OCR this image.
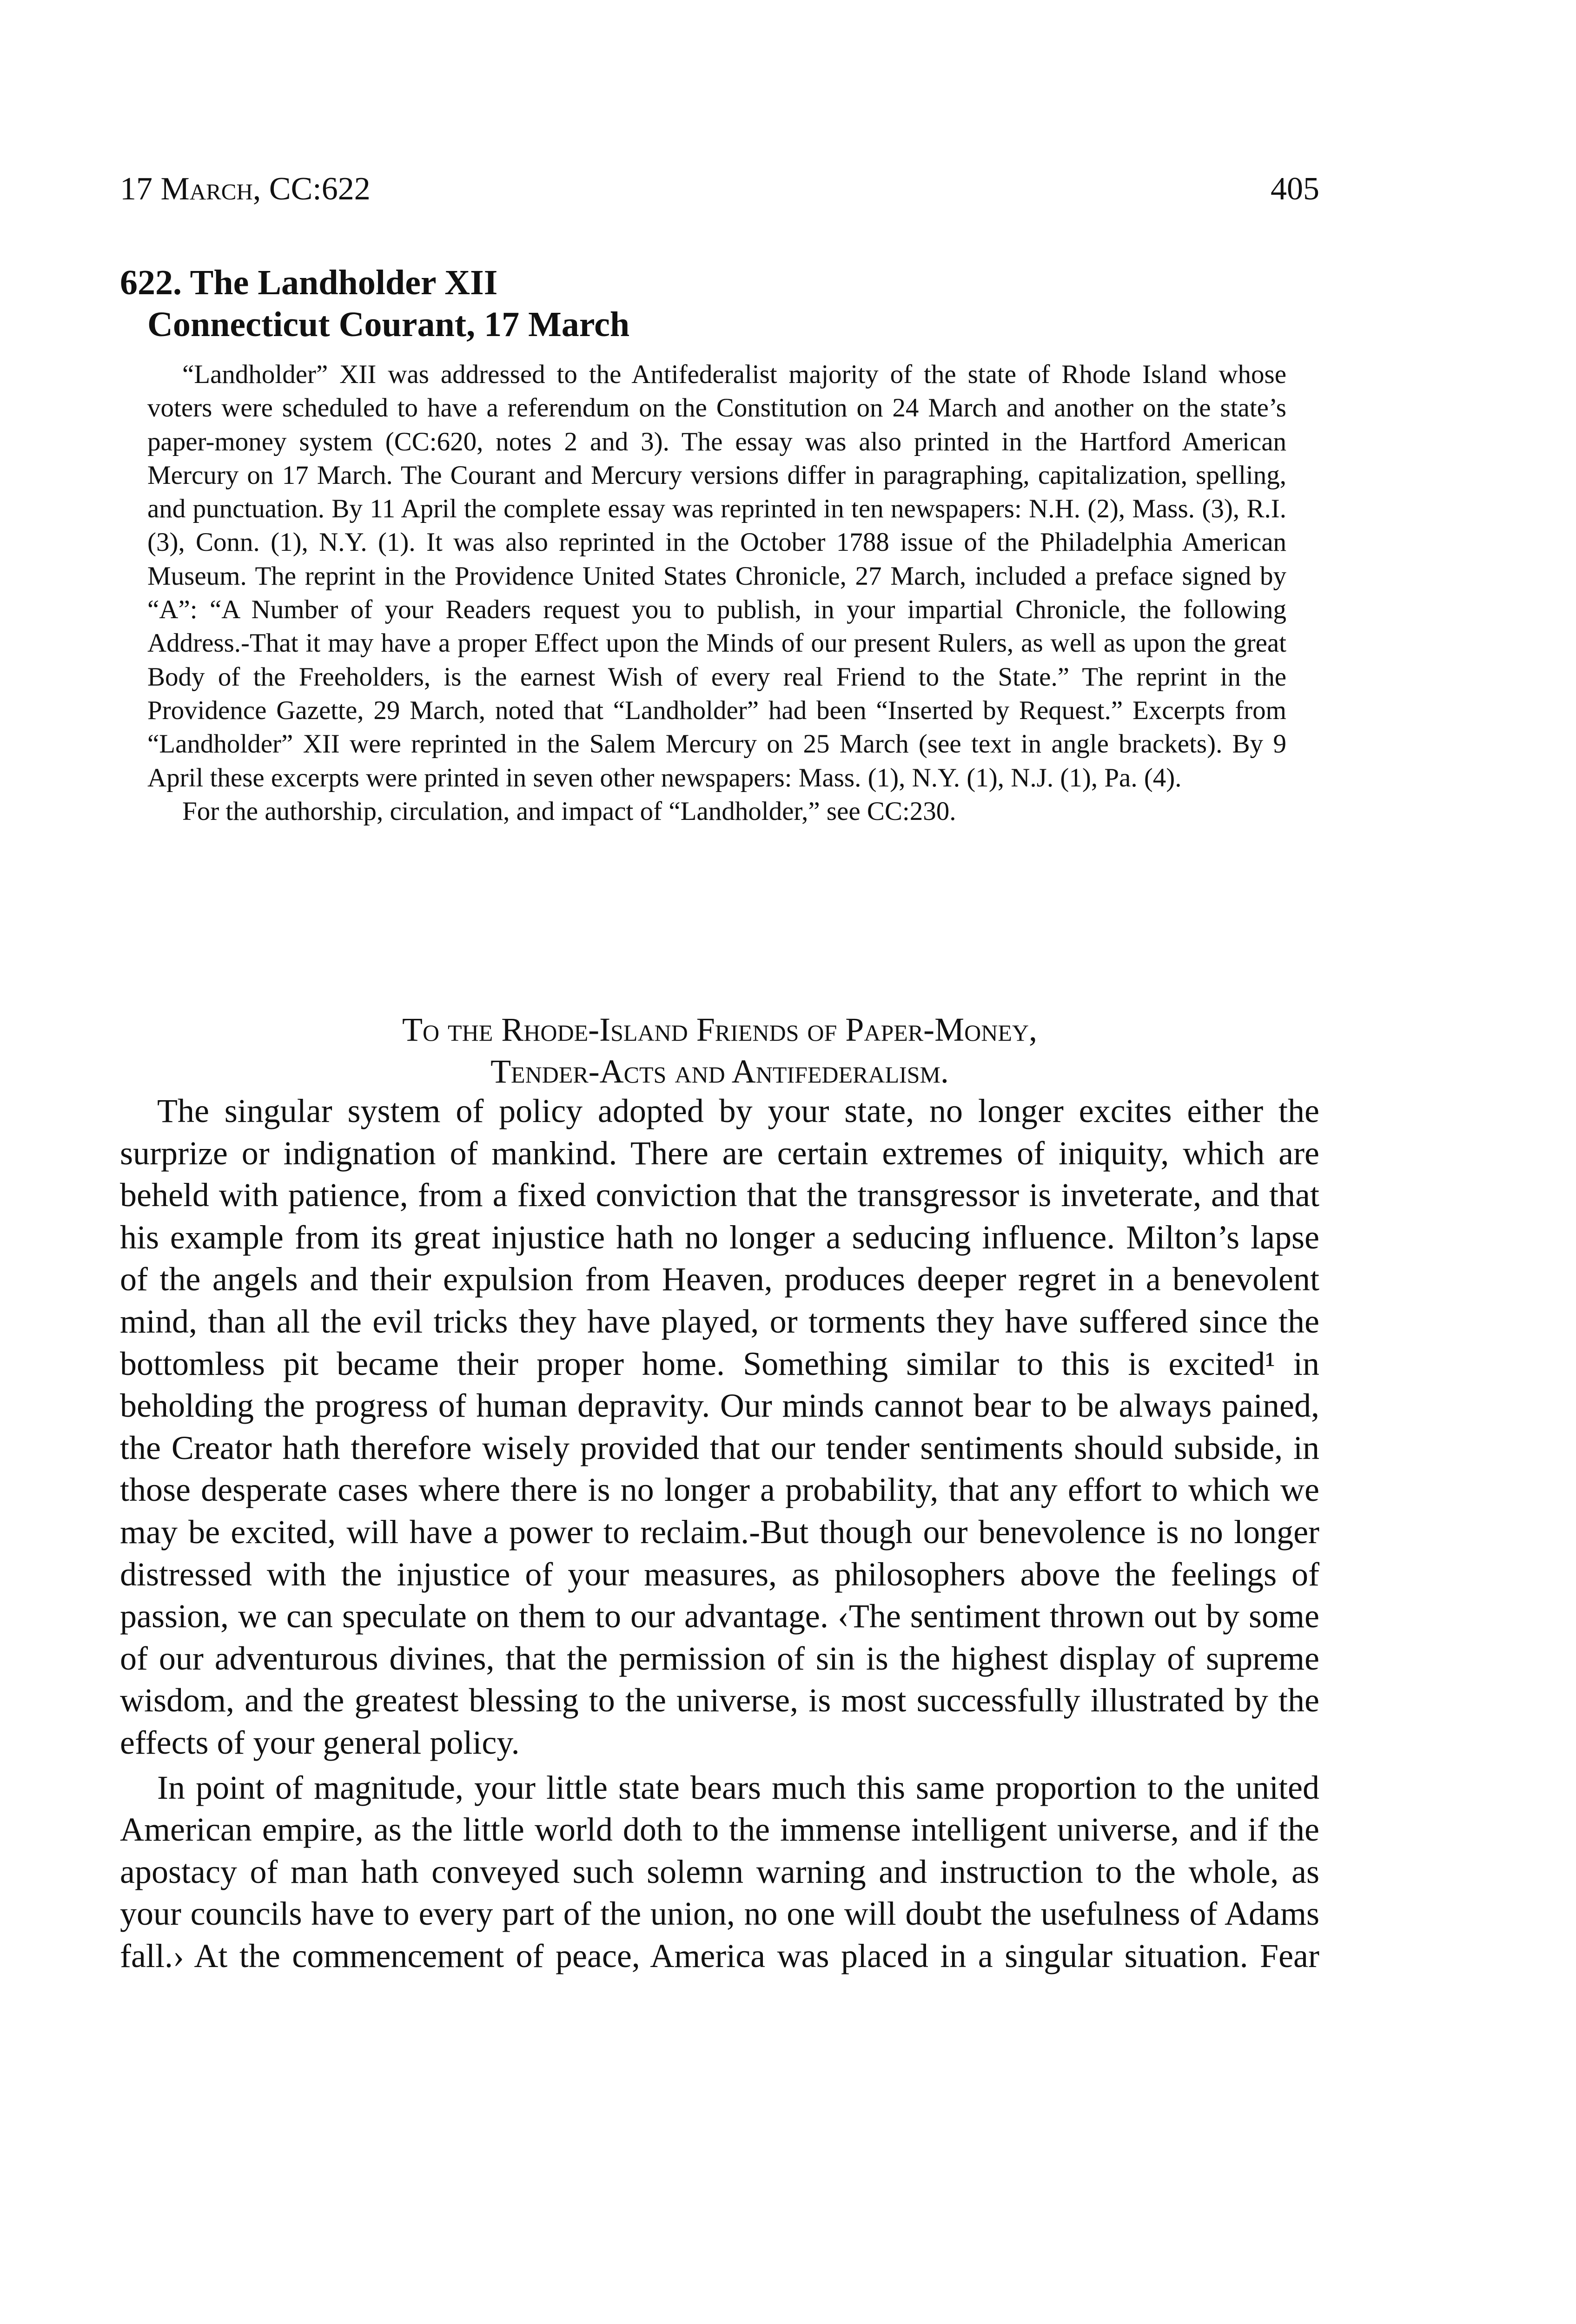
17 March, CC:622	405
622. The Landholder XII
Connecticut Courant, 17 March

“Landholder” XII was addressed to the Antifederalist majority of the state of Rhode Island whose voters were scheduled to have a referendum on the Constitution on 24 March and another on the state’s paper-money system (CC:620, notes 2 and 3). The essay was also printed in the Hartford American Mercury on 17 March. The Courant and Mercury versions differ in paragraphing, capitalization, spelling, and punctuation. By 11 April the complete essay was reprinted in ten newspapers: N.H. (2), Mass. (3), R.I. (3), Conn. (1), N.Y. (1). It was also reprinted in the October 1788 issue of the Philadelphia American Museum. The reprint in the Providence United States Chronicle, 27 March, included a preface signed by “A”: “A Number of your Readers request you to publish, in your impartial Chronicle, the following Address.-That it may have a proper Effect upon the Minds of our present Rulers, as well as upon the great Body of the Freeholders, is the earnest Wish of every real Friend to the State.” The reprint in the Providence Gazette, 29 March, noted that “Landholder” had been “Inserted by Request.” Excerpts from “Landholder” XII were reprinted in the Salem Mercury on 25 March (see text in angle brackets). By 9 April these excerpts were printed in seven other newspapers: Mass. (1), N.Y. (1), N.J. (1), Pa. (4).

For the authorship, circulation, and impact of “Landholder,” see CC:230.

To the Rhode-Island Friends of Paper-Money,
Tender-Acts and Antifederalism.

The singular system of policy adopted by your state, no longer excites either the surprize or indignation of mankind. There are certain extremes of iniquity, which are beheld with patience, from a fixed conviction that the transgressor is inveterate, and that his example from its great injustice hath no longer a seducing influence. Milton’s lapse of the angels and their expulsion from Heaven, produces deeper regret in a benevolent mind, than all the evil tricks they have played, or torments they have suffered since the bottomless pit became their proper home. Something similar to this is excited¹ in beholding the progress of human depravity. Our minds cannot bear to be always pained, the Creator hath therefore wisely provided that our tender sentiments should subside, in those desperate cases where there is no longer a probability, that any effort to which we may be excited, will have a power to reclaim.-But though our benevolence is no longer distressed with the injustice of your measures, as philosophers above the feelings of passion, we can speculate on them to our advantage. ‹The sentiment thrown out by some of our adventurous divines, that the permission of sin is the highest display of supreme wisdom, and the greatest blessing to the universe, is most successfully illustrated by the effects of your general policy.

In point of magnitude, your little state bears much this same proportion to the united American empire, as the little world doth to the immense intelligent universe, and if the apostacy of man hath conveyed such solemn warning and instruction to the whole, as your councils have to every part of the union, no one will doubt the usefulness of Adams fall.› At the commencement of peace, America was placed in a singular situation. Fear
